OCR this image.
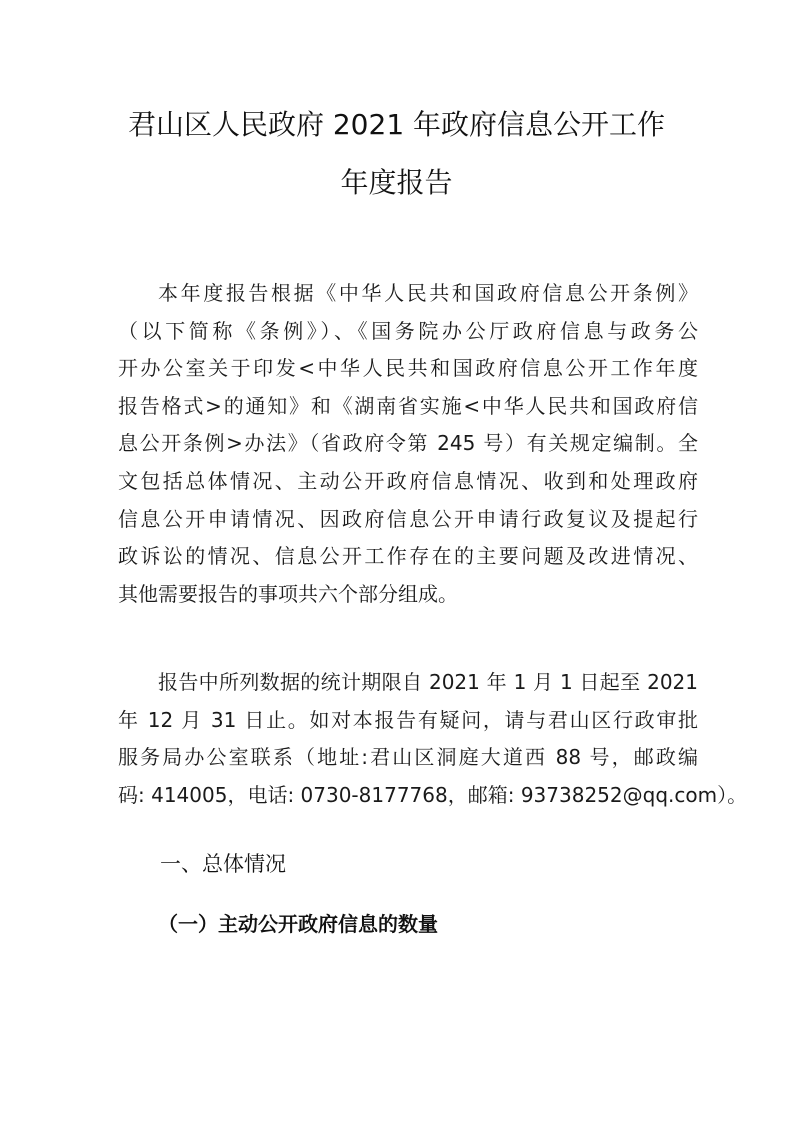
君山区人民政府 2021 年政府信息公开工作
年度报告
本年度报告根据《中华人民共和国政府信息公开条例》
（以下简称《条例》）、《国务院办公厅政府信息与政务公
开办公室关于印发<中华人民共和国政府信息公开工作年度
报告格式>的通知》和《湖南省实施<中华人民共和国政府信
息公开条例>办法》（省政府令第 245 号）有关规定编制。全
文包括总体情况、主动公开政府信息情况、收到和处理政府
信息公开申请情况、因政府信息公开申请行政复议及提起行
政诉讼的情况、信息公开工作存在的主要问题及改进情况、
其他需要报告的事项共六个部分组成。
报告中所列数据的统计期限自 2021 年 1 月 1 日起至 2021
年 12 月 31 日止。如对本报告有疑问，请与君山区行政审批
服务局办公室联系（地址:君山区洞庭大道西 88 号，邮政编
码: 414005，电话: 0730-8177768，邮箱: 93738252@qq.com）。
一、总体情况
（一）主动公开政府信息的数量
